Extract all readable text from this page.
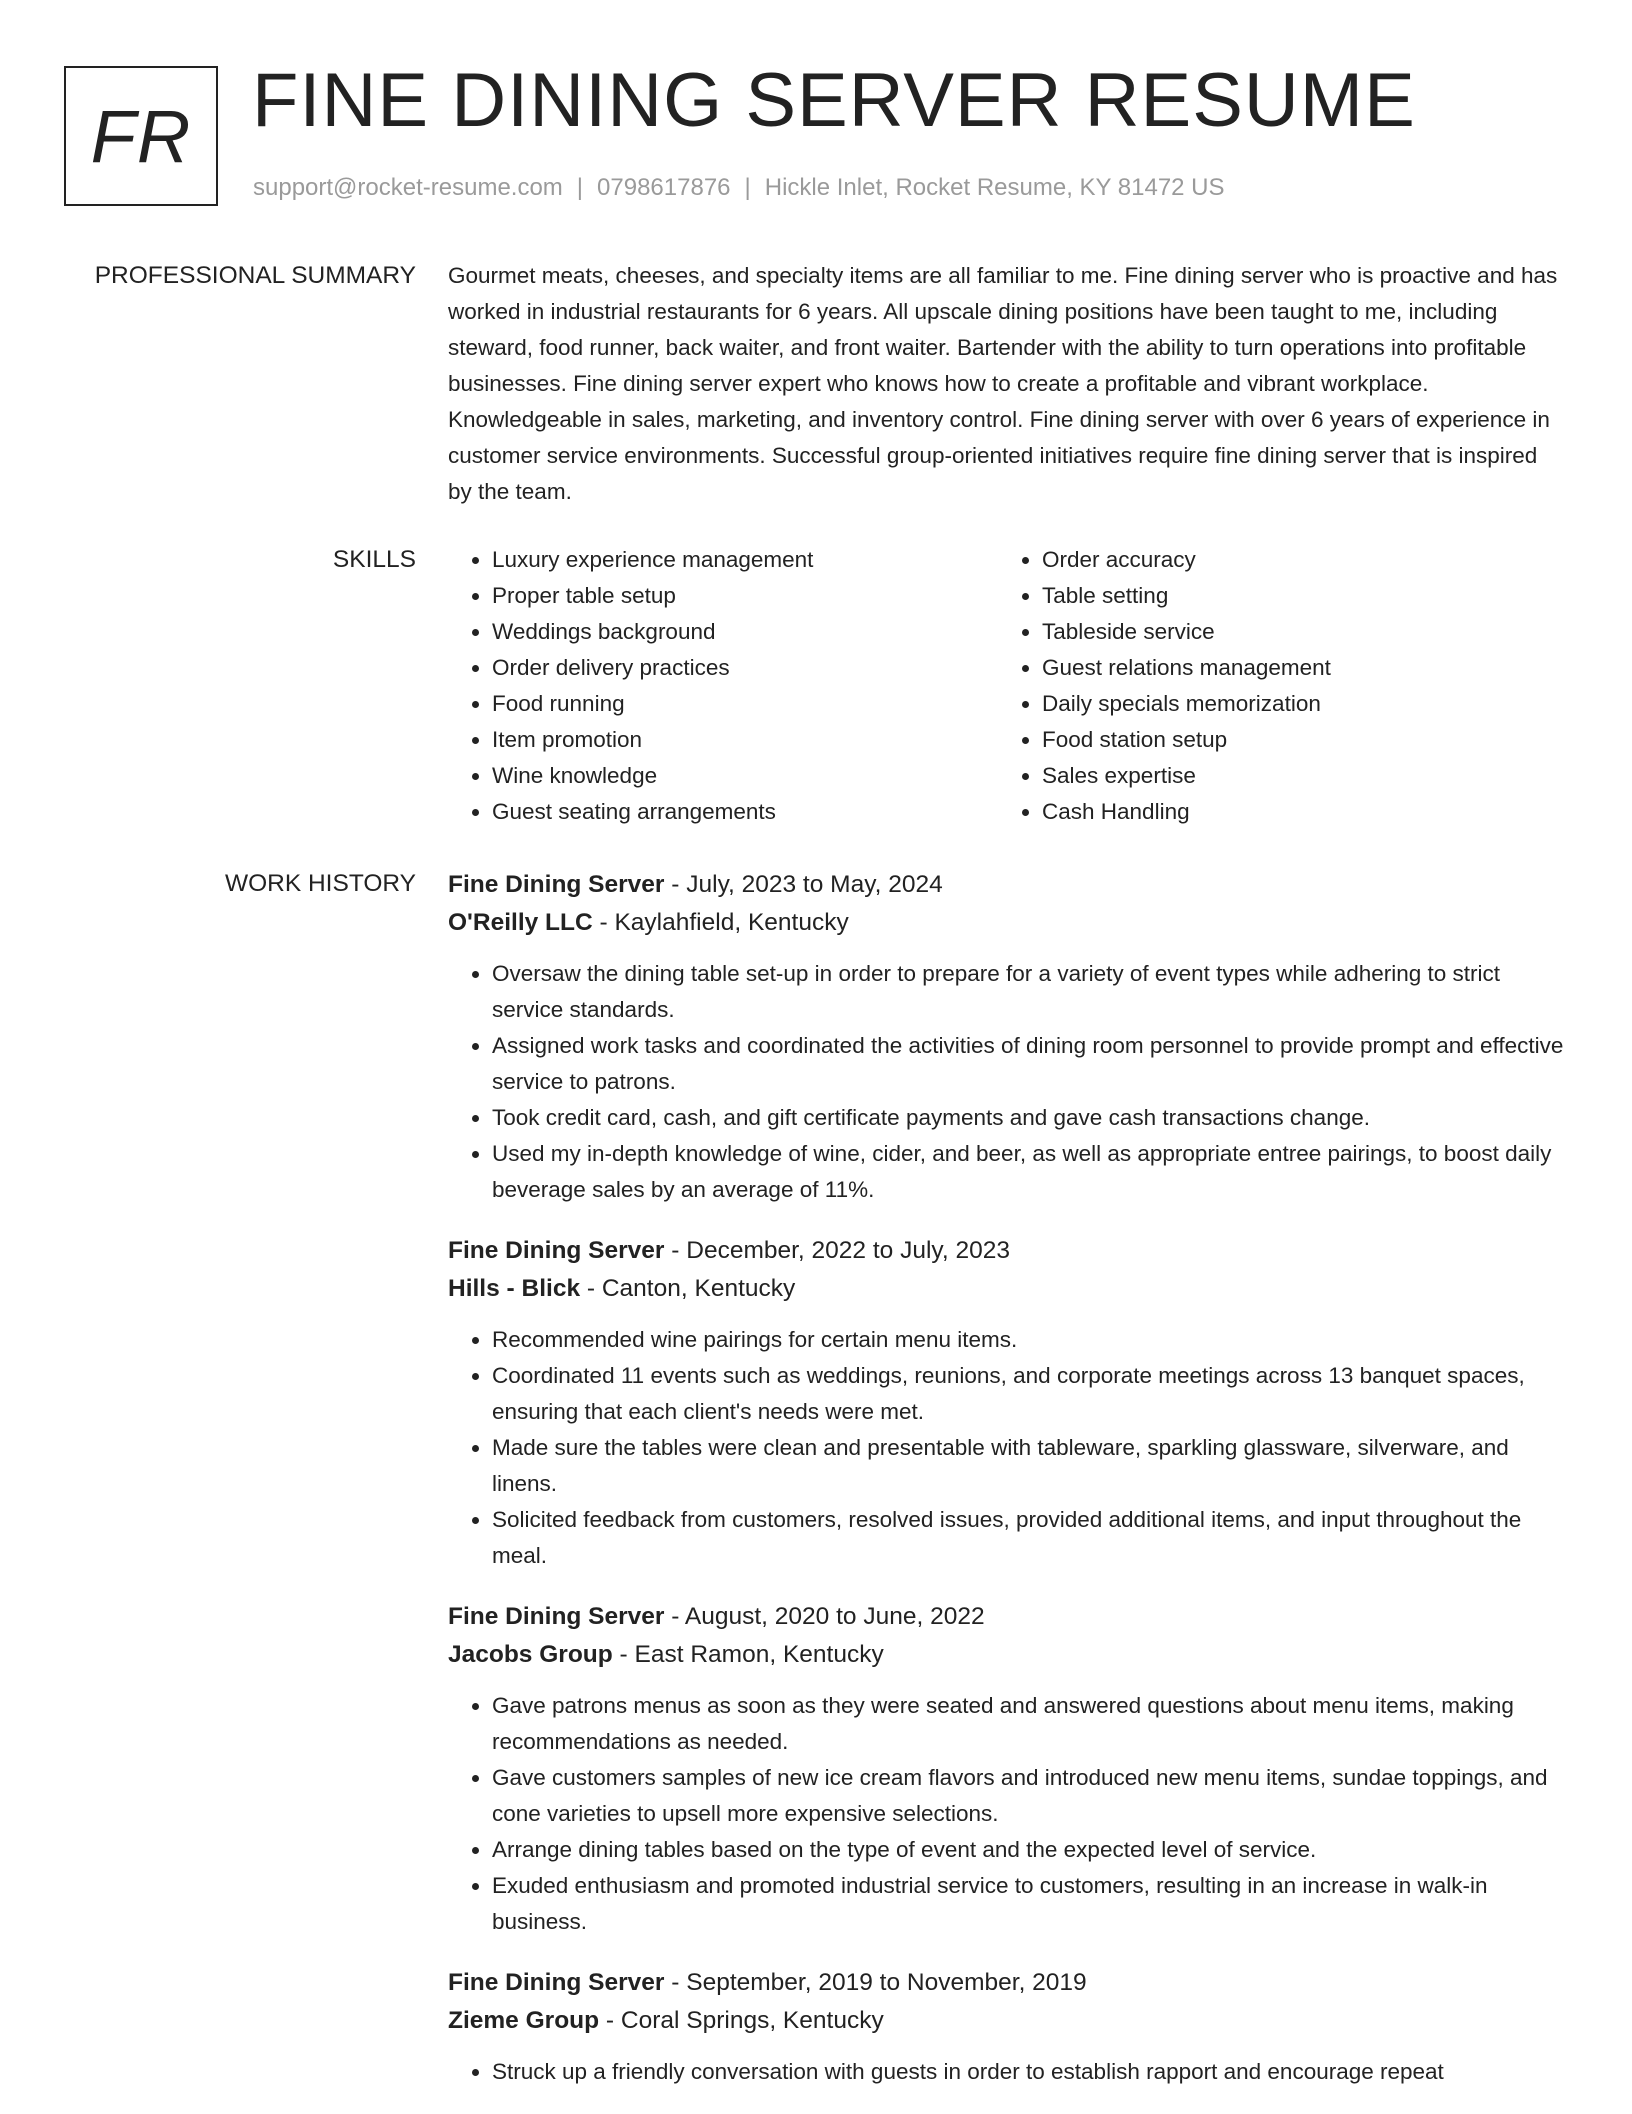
FR FINE DINING SERVER RESUME
support@rocket-resume.com | 0798617876 | Hickle Inlet, Rocket Resume, KY 81472 US
PROFESSIONAL SUMMARY Gourmet meats, cheeses, and specialty items are all familiar to me. Fine dining server who is proactive and has worked in industrial restaurants for 6 years. All upscale dining positions have been taught to me, including steward, food runner, back waiter, and front waiter. Bartender with the ability to turn operations into profitable businesses. Fine dining server expert who knows how to create a profitable and vibrant workplace. Knowledgeable in sales, marketing, and inventory control. Fine dining server with over 6 years of experience in customer service environments. Successful group-oriented initiatives require fine dining server that is inspired by the team.

SKILLS
•	Luxury experience management
• Proper table setup
• Weddings background
• Order delivery practices
• Food running
• Item promotion
• Wine knowledge
• Guest seating arrangements
• Order accuracy
• Table setting
• Tableside service
• Guest relations management
• Daily specials memorization
• Food station setup
• Sales expertise
• Cash Handling
WORK HISTORY Fine Dining Server - July, 2023 to May, 2024
O'Reilly LLC - Kaylahfield, Kentucky
• Oversaw the dining table set-up in order to prepare for a variety of event types while adhering to strict service standards.
• Assigned work tasks and coordinated the activities of dining room personnel to provide prompt and effective service to patrons.
• Took credit card, cash, and gift certificate payments and gave cash transactions change.
• Used my in-depth knowledge of wine, cider, and beer, as well as appropriate entree pairings, to boost daily beverage sales by an average of 11%.
Fine Dining Server - December, 2022 to July, 2023
Hills - Blick - Canton, Kentucky
• Recommended wine pairings for certain menu items.
• Coordinated 11 events such as weddings, reunions, and corporate meetings across 13 banquet spaces, ensuring that each client's needs were met.
• Made sure the tables were clean and presentable with tableware, sparkling glassware, silverware, and linens.
• Solicited feedback from customers, resolved issues, provided additional items, and input throughout the meal.
Fine Dining Server - August, 2020 to June, 2022
Jacobs Group - East Ramon, Kentucky
• Gave patrons menus as soon as they were seated and answered questions about menu items, making recommendations as needed.
• Gave customers samples of new ice cream flavors and introduced new menu items, sundae toppings, and cone varieties to upsell more expensive selections.
• Arrange dining tables based on the type of event and the expected level of service.
• Exuded enthusiasm and promoted industrial service to customers, resulting in an increase in walk-in business.
Fine Dining Server - September, 2019 to November, 2019
Zieme Group - Coral Springs, Kentucky
• Struck up a friendly conversation with guests in order to establish rapport and encourage repeat
